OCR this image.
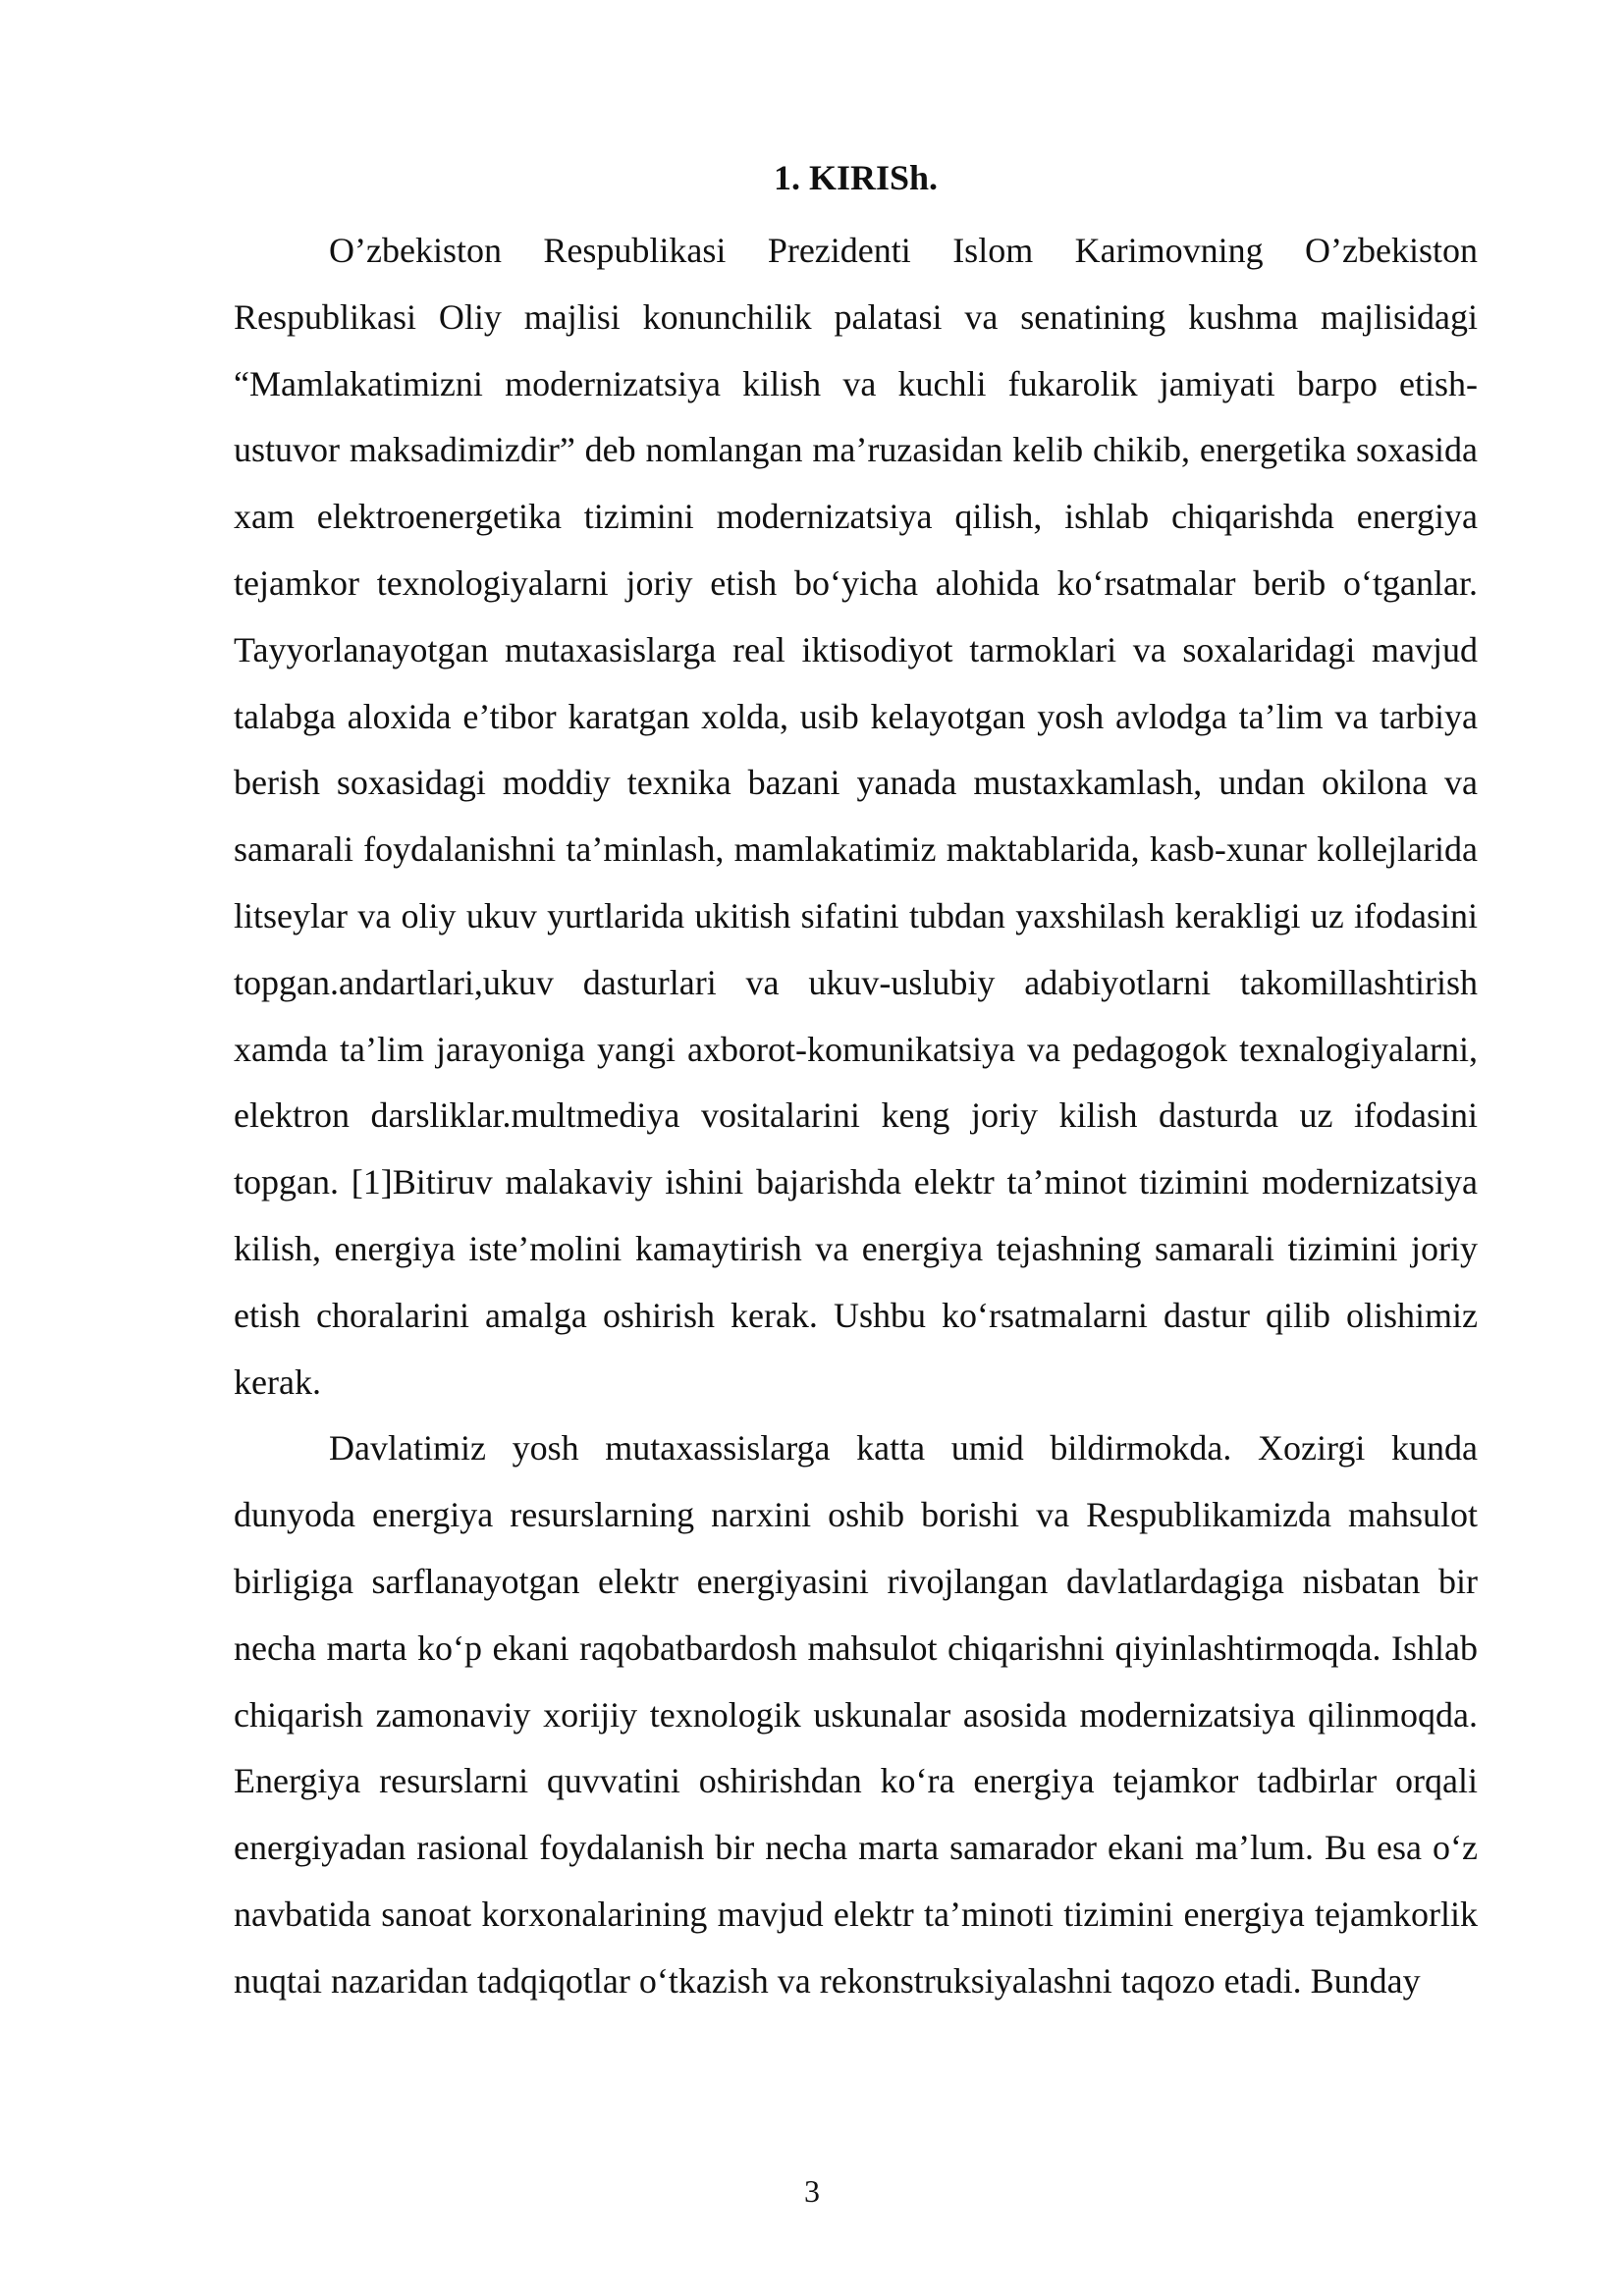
1. KIRISh.

O’zbekiston Respublikasi Prezidenti Islom Karimovning O’zbekiston Respublikasi Oliy majlisi konunchilik palatasi va senatining kushma majlisidagi “Mamlakatimizni modernizatsiya kilish va kuchli fukarolik jamiyati barpo etish- ustuvor maksadimizdir” deb nomlangan ma’ruzasidan kelib chikib, energetika soxasida xam elektroenergetika tizimini modernizatsiya qilish, ishlab chiqarishda energiya tejamkor texnologiyalarni joriy etish bo‘yicha alohida ko‘rsatmalar berib o‘tganlar. Tayyorlanayotgan mutaxasislarga real iktisodiyot tarmoklari va soxalaridagi mavjud talabga aloxida e’tibor karatgan xolda, usib kelayotgan yosh avlodga ta’lim va tarbiya berish soxasidagi moddiy texnika bazani yanada mustaxkamlash, undan okilona va samarali foydalanishni ta’minlash, mamlakatimiz maktablarida, kasb-xunar kollejlarida litseylar va oliy ukuv yurtlarida ukitish sifatini tubdan yaxshilash kerakligi uz ifodasini topgan.andartlari,ukuv dasturlari va ukuv-uslubiy adabiyotlarni takomillashtirish xamda ta’lim jarayoniga yangi axborot-komunikatsiya va pedagogok texnalogiyalarni, elektron darsliklar.multmediya vositalarini keng joriy kilish dasturda uz ifodasini topgan. [1]Bitiruv malakaviy ishini bajarishda elektr ta’minot tizimini modernizatsiya kilish, energiya iste’molini kamaytirish va energiya tejashning samarali tizimini joriy etish choralarini amalga oshirish kerak. Ushbu ko‘rsatmalarni dastur qilib olishimiz kerak.

Davlatimiz yosh mutaxassislarga katta umid bildirmokda. Xozirgi kunda dunyoda energiya resurslarning narxini oshib borishi va Respublikamizda mahsulot birligiga sarflanayotgan elektr energiyasini rivojlangan davlatlardagiga nisbatan bir necha marta ko‘p ekani raqobatbardosh mahsulot chiqarishni qiyinlashtirmoqda. Ishlab chiqarish zamonaviy xorijiy texnologik uskunalar asosida modernizatsiya qilinmoqda. Energiya resurslarni quvvatini oshirishdan ko‘ra energiya tejamkor tadbirlar orqali energiyadan rasional foydalanish bir necha marta samarador ekani ma’lum. Bu esa o‘z navbatida sanoat korxonalarining mavjud elektr ta’minoti tizimini energiya tejamkorlik nuqtai nazaridan tadqiqotlar o‘tkazish va rekonstruksiyalashni taqozo etadi. Bunday

3
